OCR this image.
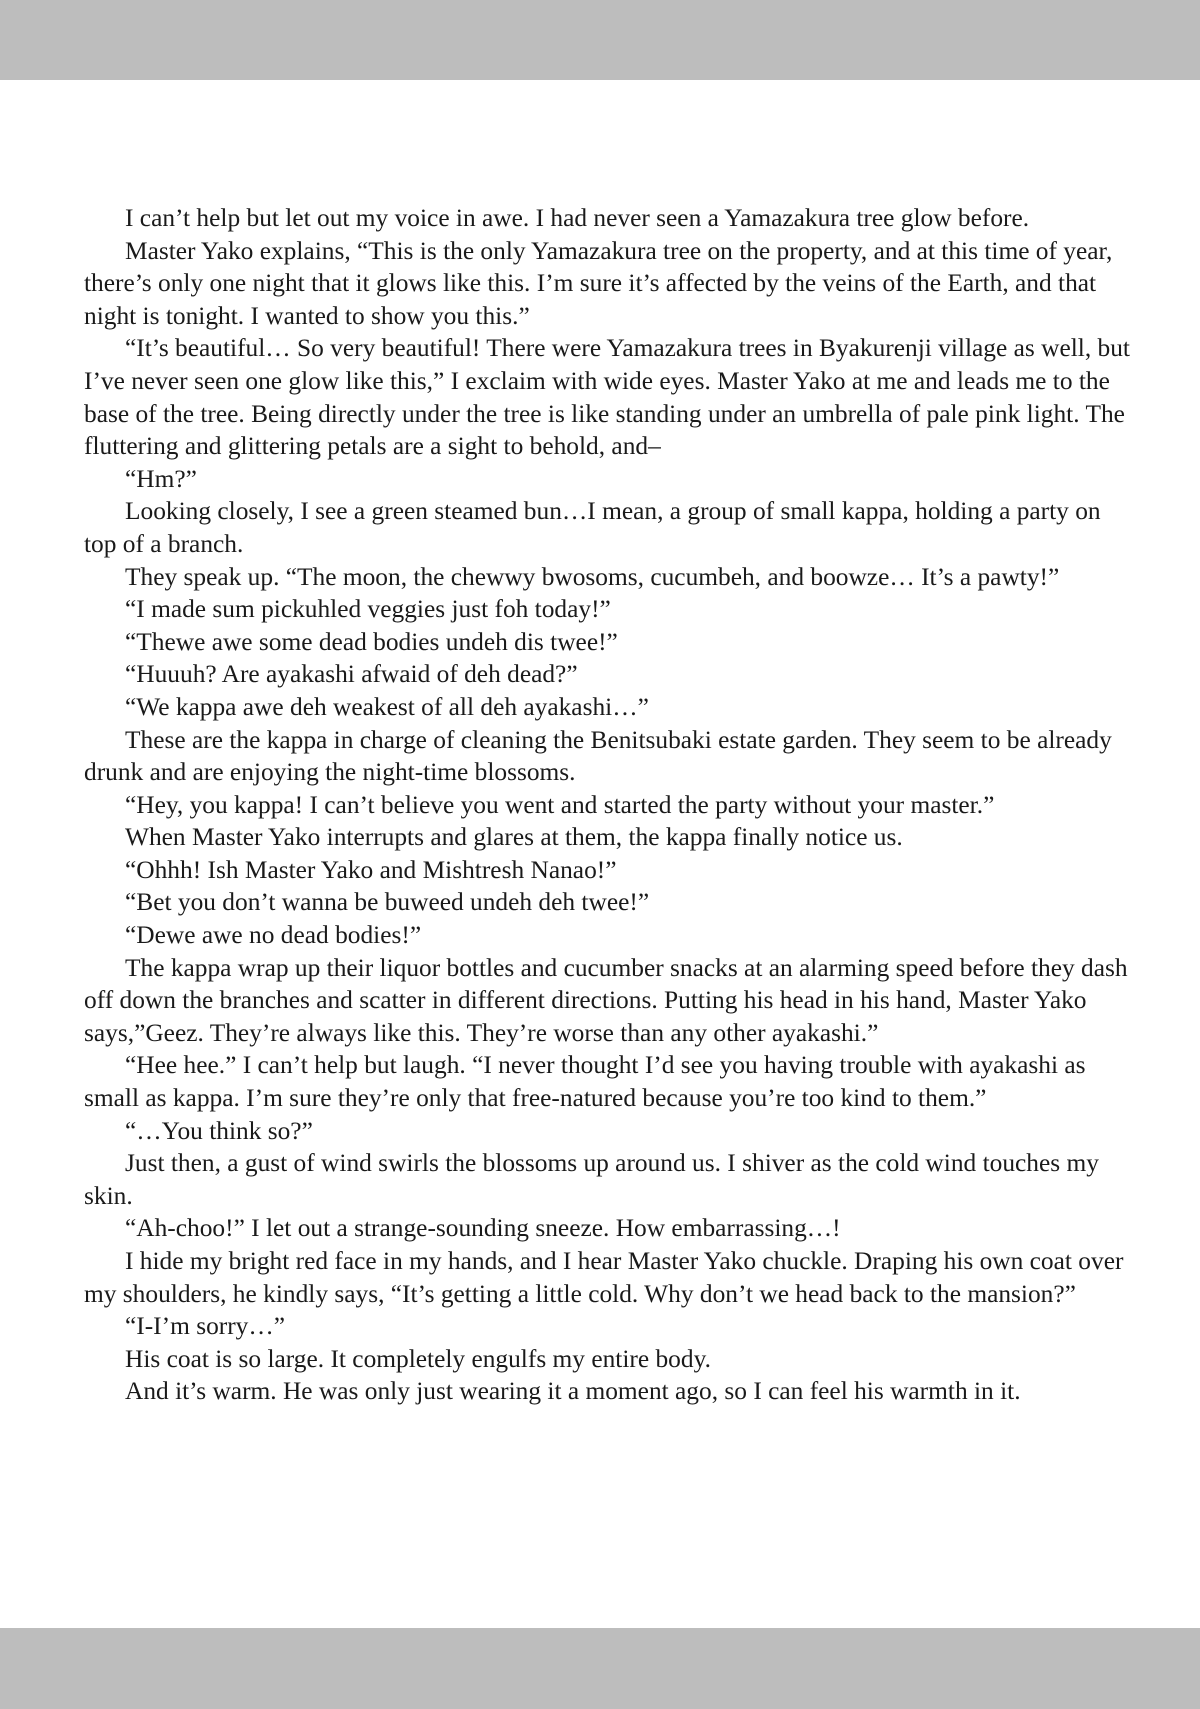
I can’t help but let out my voice in awe. I had never seen a Yamazakura tree glow before.

Master Yako explains, “This is the only Yamazakura tree on the property, and at this time of year, there’s only one night that it glows like this. I’m sure it’s affected by the veins of the Earth, and that night is tonight. I wanted to show you this.”

“It’s beautiful… So very beautiful! There were Yamazakura trees in Byakurenji village as well, but I’ve never seen one glow like this,” I exclaim with wide eyes. Master Yako at me and leads me to the base of the tree. Being directly under the tree is like standing under an umbrella of pale pink light. The fluttering and glittering petals are a sight to behold, and–

“Hm?”

Looking closely, I see a green steamed bun…I mean, a group of small kappa, holding a party on top of a branch.

They speak up. “The moon, the chewwy bwosoms, cucumbeh, and boowze… It’s a pawty!”

“I made sum pickuhled veggies just foh today!”

“Thewe awe some dead bodies undeh dis twee!”

“Huuuh? Are ayakashi afwaid of deh dead?”

“We kappa awe deh weakest of all deh ayakashi…”

These are the kappa in charge of cleaning the Benitsubaki estate garden. They seem to be already drunk and are enjoying the night-time blossoms.

“Hey, you kappa! I can’t believe you went and started the party without your master.”

When Master Yako interrupts and glares at them, the kappa finally notice us.

“Ohhh! Ish Master Yako and Mishtresh Nanao!”

“Bet you don’t wanna be buweed undeh deh twee!”

“Dewe awe no dead bodies!”

The kappa wrap up their liquor bottles and cucumber snacks at an alarming speed before they dash off down the branches and scatter in different directions. Putting his head in his hand, Master Yako says,”Geez. They’re always like this. They’re worse than any other ayakashi.”

“Hee hee.” I can’t help but laugh. “I never thought I’d see you having trouble with ayakashi as small as kappa. I’m sure they’re only that free-natured because you’re too kind to them.”

“…You think so?”

Just then, a gust of wind swirls the blossoms up around us. I shiver as the cold wind touches my skin.

“Ah-choo!” I let out a strange-sounding sneeze. How embarrassing…!

I hide my bright red face in my hands, and I hear Master Yako chuckle. Draping his own coat over my shoulders, he kindly says, “It’s getting a little cold. Why don’t we head back to the mansion?”

“I-I’m sorry…”

His coat is so large. It completely engulfs my entire body.

And it’s warm. He was only just wearing it a moment ago, so I can feel his warmth in it.
